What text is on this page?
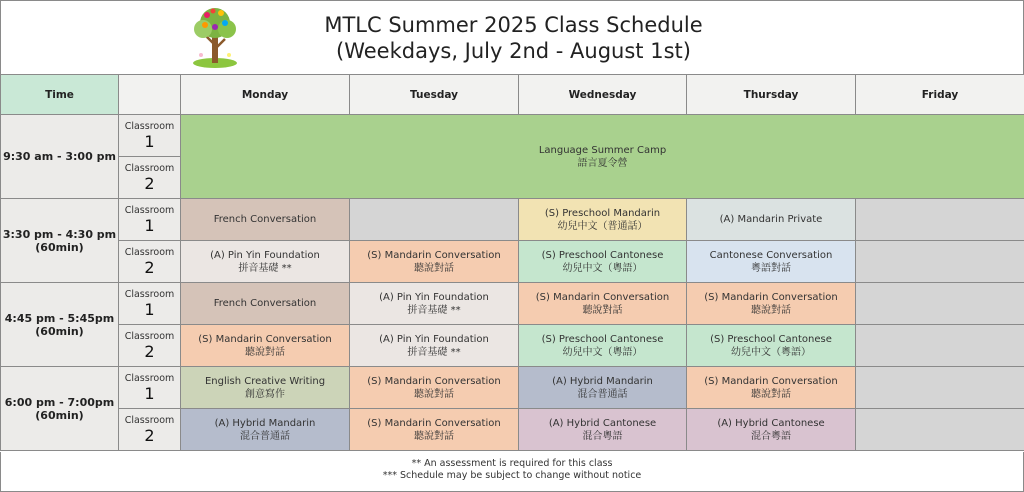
MTLC Summer 2025 Class Schedule
(Weekdays, July 2nd - August 1st)
Time		Monday	Tuesday	Wednesday	Thursday	Friday
9:30 am - 3:00 pm	Classroom
1	Language Summer Camp
語言夏令營				

	Classroom
2					

3:30 pm - 4:30 pm
(60min)	Classroom
1	French Conversation		(S) Preschool Mandarin
幼兒中文（普通話）	(A) Mandarin Private

	Classroom
2	(A) Pin Yin Foundation
拼音基礎 **	(S) Mandarin Conversation
聽說對話	(S) Preschool Cantonese
幼兒中文（粵語）	Cantonese Conversation
粵語對話	

4:45 pm - 5:45pm
(60min)	Classroom
1	French Conversation	(A) Pin Yin Foundation
拼音基礎 **	(S) Mandarin Conversation
聽說對話	(S) Mandarin Conversation
聽說對話	

	Classroom
2	(S) Mandarin Conversation
聽說對話	(A) Pin Yin Foundation
拼音基礎 **	(S) Preschool Cantonese
幼兒中文（粵語）	(S) Preschool Cantonese
幼兒中文（粵語）	

6:00 pm - 7:00pm
(60min)	Classroom
1	English Creative Writing
創意寫作	(S) Mandarin Conversation
聽說對話	(A) Hybrid Mandarin
混合普通話	(S) Mandarin Conversation
聽說對話	

	Classroom
2	(A) Hybrid Mandarin
混合普通話	(S) Mandarin Conversation
聽說對話	(A) Hybrid Cantonese
混合粵語	(A) Hybrid Cantonese
混合粵語	

** An assessment is required for this class
*** Schedule may be subject to change without notice
